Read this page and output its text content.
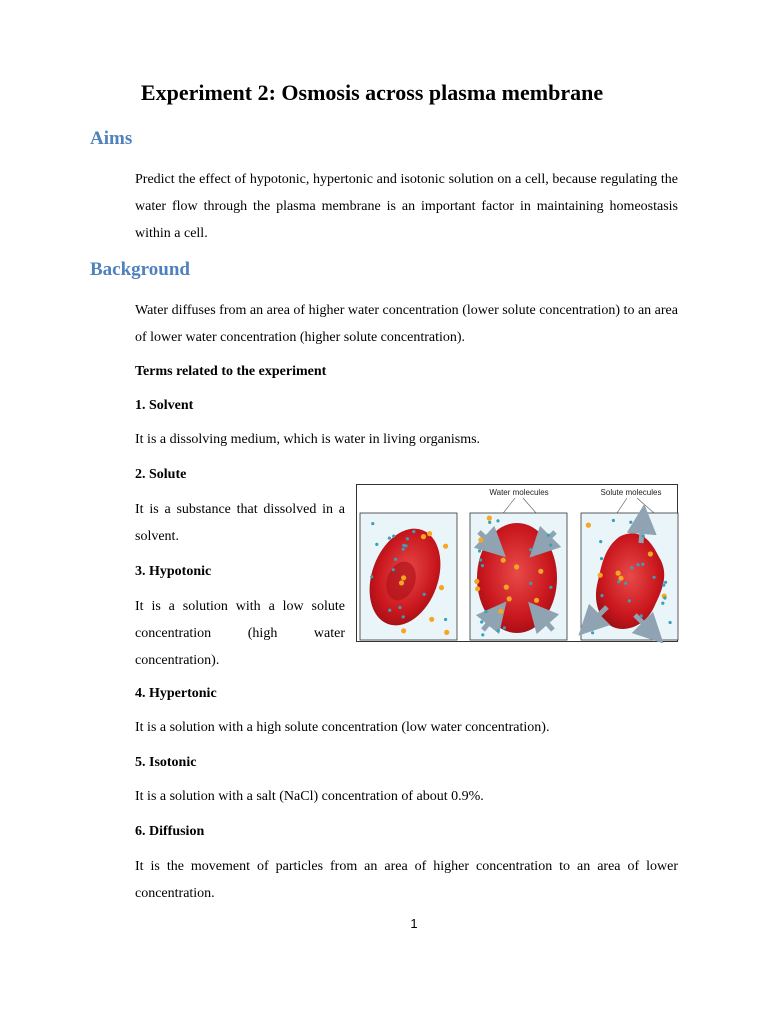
Experiment 2: Osmosis across plasma membrane
Aims

Predict the effect of hypotonic, hypertonic and isotonic solution on a cell, because regulating the water flow through the plasma membrane is an important factor in maintaining homeostasis within a cell.

Background

Water diffuses from an area of higher water concentration (lower solute concentration) to an area of lower water concentration (higher solute concentration).

Terms related to the experiment

1. Solvent

It is a dissolving medium, which is water in living organisms.

2. Solute

It is a substance that dissolved in a solvent.

3. Hypotonic

It is a solution with a low solute concentration (high water concentration).

4. Hypertonic

It is a solution with a high solute concentration (low water concentration).

5. Isotonic

It is a solution with a salt (NaCl) concentration of about 0.9%.

6. Diffusion

It is the movement of particles from an area of higher concentration to an area of lower concentration.

Water molecules	Solute molecules
1
